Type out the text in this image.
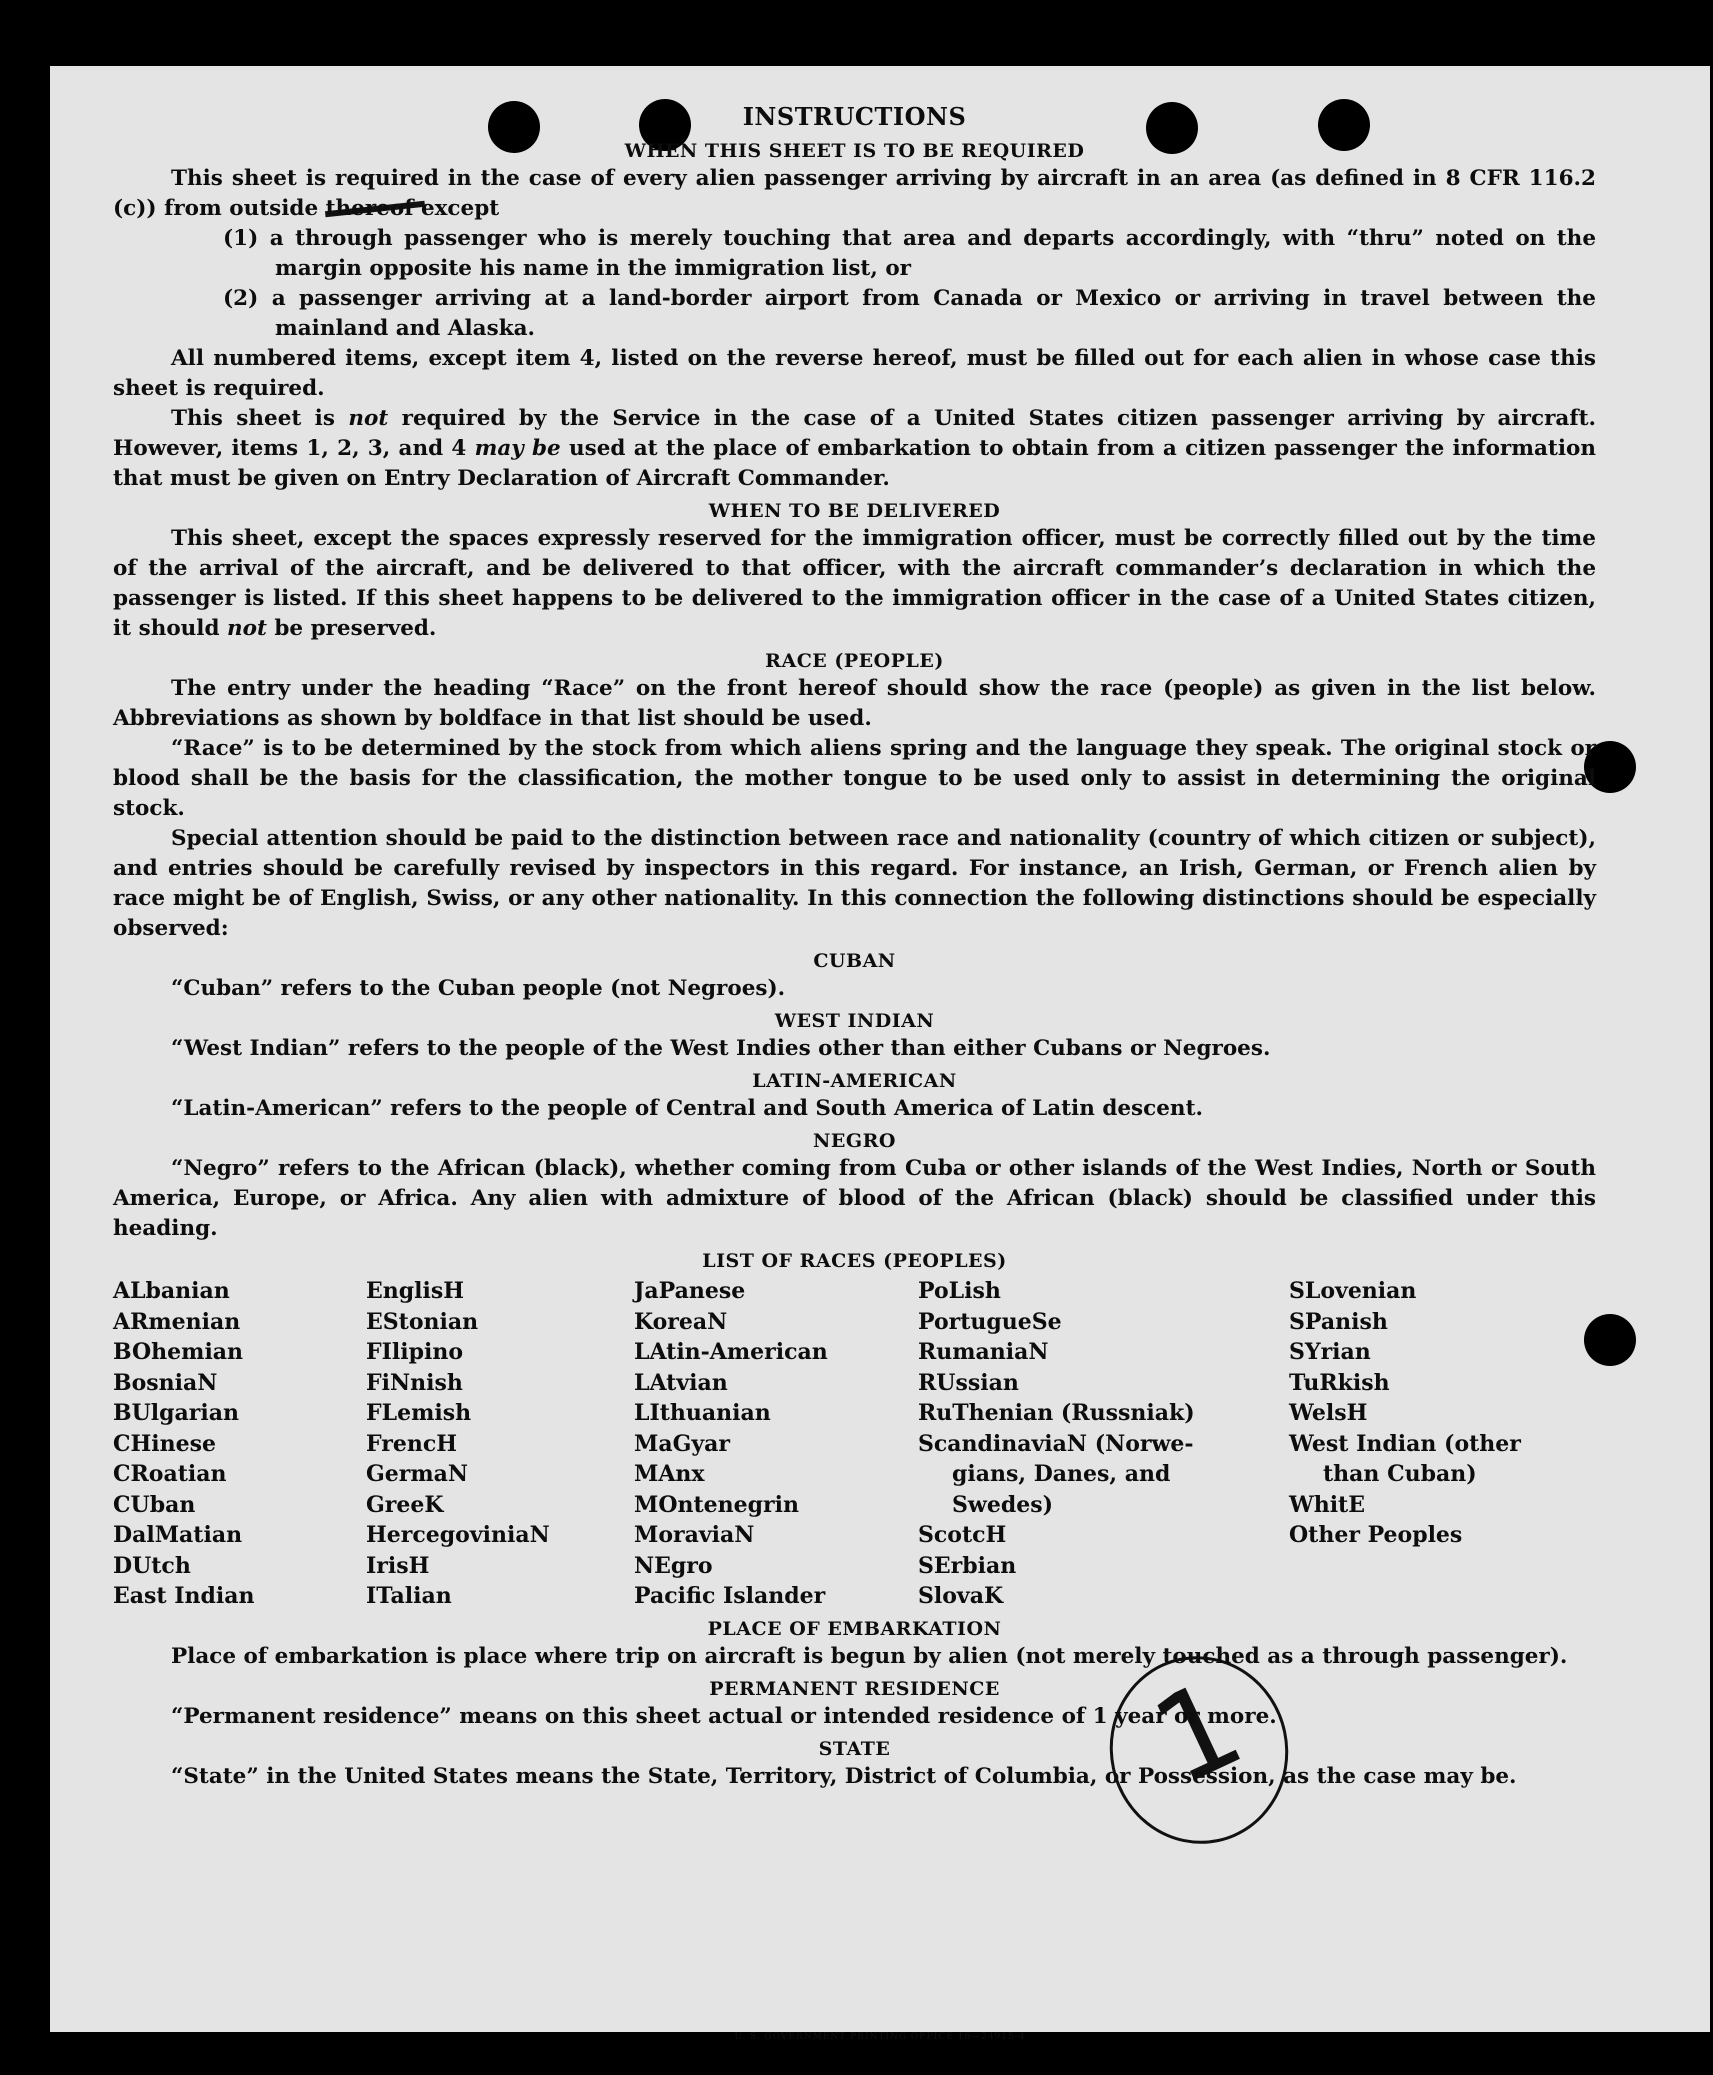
1
U. S. GOVERNMENT PRINTING OFFICE 16—24915-4
INSTRUCTIONS
WHEN THIS SHEET IS TO BE REQUIRED

This sheet is required in the case of every alien passenger arriving by aircraft in an area (as defined in 8 CFR 116.2 (c)) from outside thereof except

(1) a through passenger who is merely touching that area and departs accordingly, with “thru” noted on the margin opposite his name in the immigration list, or

(2) a passenger arriving at a land-border airport from Canada or Mexico or arriving in travel between the mainland and Alaska.

All numbered items, except item 4, listed on the reverse hereof, must be filled out for each alien in whose case this sheet is required.

This sheet is not required by the Service in the case of a United States citizen passenger arriving by aircraft. However, items 1, 2, 3, and 4 may be used at the place of embarkation to obtain from a citizen passenger the information that must be given on Entry Declaration of Aircraft Commander.

WHEN TO BE DELIVERED

This sheet, except the spaces expressly reserved for the immigration officer, must be correctly filled out by the time of the arrival of the aircraft, and be delivered to that officer, with the aircraft commander’s declaration in which the passenger is listed. If this sheet happens to be delivered to the immigration officer in the case of a United States citizen, it should not be preserved.

RACE (PEOPLE)

The entry under the heading “Race” on the front hereof should show the race (people) as given in the list below. Abbreviations as shown by boldface in that list should be used.

“Race” is to be determined by the stock from which aliens spring and the language they speak. The original stock or blood shall be the basis for the classification, the mother tongue to be used only to assist in determining the original stock.

Special attention should be paid to the distinction between race and nationality (country of which citizen or subject), and entries should be carefully revised by inspectors in this regard. For instance, an Irish, German, or French alien by race might be of English, Swiss, or any other nationality. In this connection the following distinctions should be especially observed:

CUBAN

“Cuban” refers to the Cuban people (not Negroes).

WEST INDIAN

“West Indian” refers to the people of the West Indies other than either Cubans or Negroes.

LATIN-AMERICAN

“Latin-American” refers to the people of Central and South America of Latin descent.

NEGRO

“Negro” refers to the African (black), whether coming from Cuba or other islands of the West Indies, North or South America, Europe, or Africa. Any alien with admixture of blood of the African (black) should be classified under this heading.

LIST OF RACES (PEOPLES)
ALbanian
ARmenian
BOhemian
BosniaN
BUlgarian
CHinese
CRoatian
CUban
DalMatian
DUtch
East Indian
EnglisH
EStonian
FIlipino
FiNnish
FLemish
FrencH
GermaN
GreeK
HercegoviniaN
IrisH
ITalian
JaPanese
KoreaN
LAtin-American
LAtvian
LIthuanian
MaGyar
MAnx
MOntenegrin
MoraviaN
NEgro
Pacific Islander
PoLish
PortugueSe
RumaniaN
RUssian
RuThenian (Russniak)
ScandinaviaN (Norwe-
gians, Danes, and
Swedes)
ScotcH
SErbian
SlovaK
SLovenian
SPanish
SYrian
TuRkish
WelsH
West Indian (other
than Cuban)
WhitE
Other Peoples
PLACE OF EMBARKATION

Place of embarkation is place where trip on aircraft is begun by alien (not merely touched as a through passenger).

PERMANENT RESIDENCE

“Permanent residence” means on this sheet actual or intended residence of 1 year or more.

STATE

“State” in the United States means the State, Territory, District of Columbia, or Possession, as the case may be.
